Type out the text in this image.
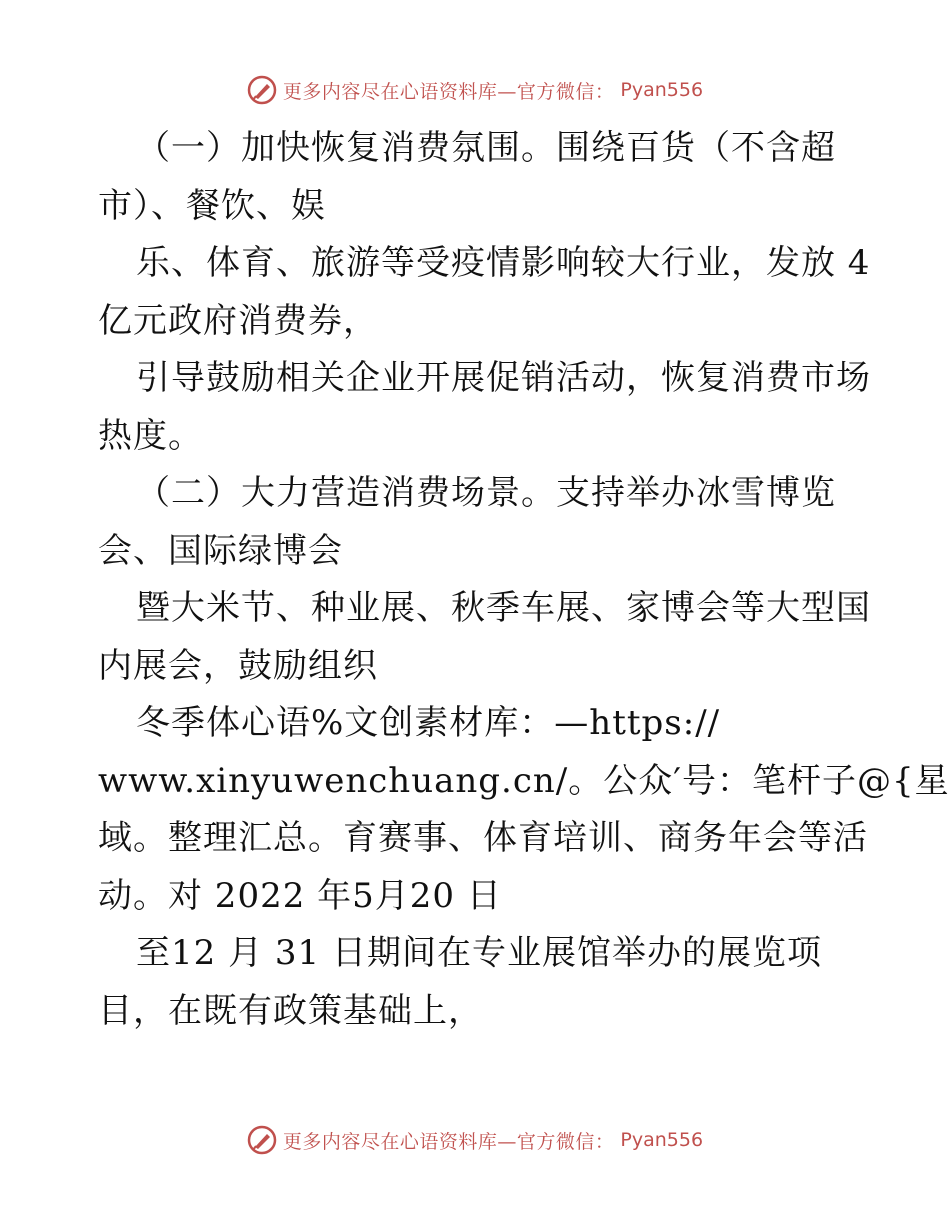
更多内容尽在心语资料库—官方微信： Pyan556
（一）加快恢复消费氛围。围绕百货（不含超
市）、餐饮、娱
乐、体育、旅游等受疫情影响较大行业，发放 4
亿元政府消费券，
引导鼓励相关企业开展促销活动，恢复消费市场
热度。
（二）大力营造消费场景。支持举办冰雪博览
会、国际绿博会
暨大米节、种业展、秋季车展、家博会等大型国
内展会，鼓励组织
冬季体心语%文创素材库：—https://
www.xinyuwenchuang.cn/。公众′号：笔杆子@{星
域。整理汇总。育赛事、体育培训、商务年会等活
动。对 2022 年5月20 日
至12 月 31 日期间在专业展馆举办的展览项
目，在既有政策基础上，
更多内容尽在心语资料库—官方微信： Pyan556
